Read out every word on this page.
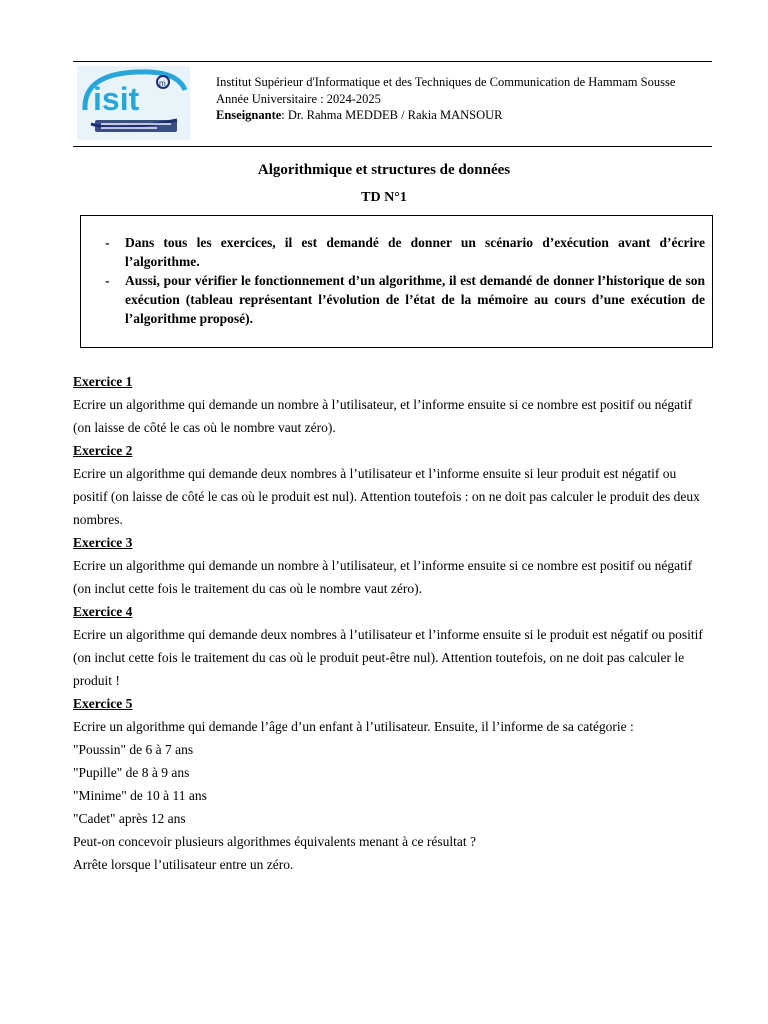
isit m	Institut Supérieur d'Informatique et des Techniques de Communication de Hammam Sousse
Année Universitaire : 2024-2025
Enseignante: Dr. Rahma MEDDEB / Rakia MANSOUR
Algorithmique et structures de données
TD N°1
- Dans tous les exercices, il est demandé de donner un scénario d’exécution avant d’écrire l’algorithme.
- Aussi, pour vérifier le fonctionnement d’un algorithme, il est demandé de donner l’historique de son exécution (tableau représentant l’évolution de l’état de la mémoire au cours d’une exécution de l’algorithme proposé).

Exercice 1

Ecrire un algorithme qui demande un nombre à l’utilisateur, et l’informe ensuite si ce nombre est positif ou négatif (on laisse de côté le cas où le nombre vaut zéro).

Exercice 2

Ecrire un algorithme qui demande deux nombres à l’utilisateur et l’informe ensuite si leur produit est négatif ou positif (on laisse de côté le cas où le produit est nul). Attention toutefois : on ne doit pas calculer le produit des deux nombres.

Exercice 3

Ecrire un algorithme qui demande un nombre à l’utilisateur, et l’informe ensuite si ce nombre est positif ou négatif (on inclut cette fois le traitement du cas où le nombre vaut zéro).

Exercice 4

Ecrire un algorithme qui demande deux nombres à l’utilisateur et l’informe ensuite si le produit est négatif ou positif (on inclut cette fois le traitement du cas où le produit peut-être nul). Attention toutefois, on ne doit pas calculer le produit !

Exercice 5

Ecrire un algorithme qui demande l’âge d’un enfant à l’utilisateur. Ensuite, il l’informe de sa catégorie :

"Poussin" de 6 à 7 ans

"Pupille" de 8 à 9 ans

"Minime" de 10 à 11 ans

"Cadet" après 12 ans

Peut-on concevoir plusieurs algorithmes équivalents menant à ce résultat ?

Arrête lorsque l’utilisateur entre un zéro.
